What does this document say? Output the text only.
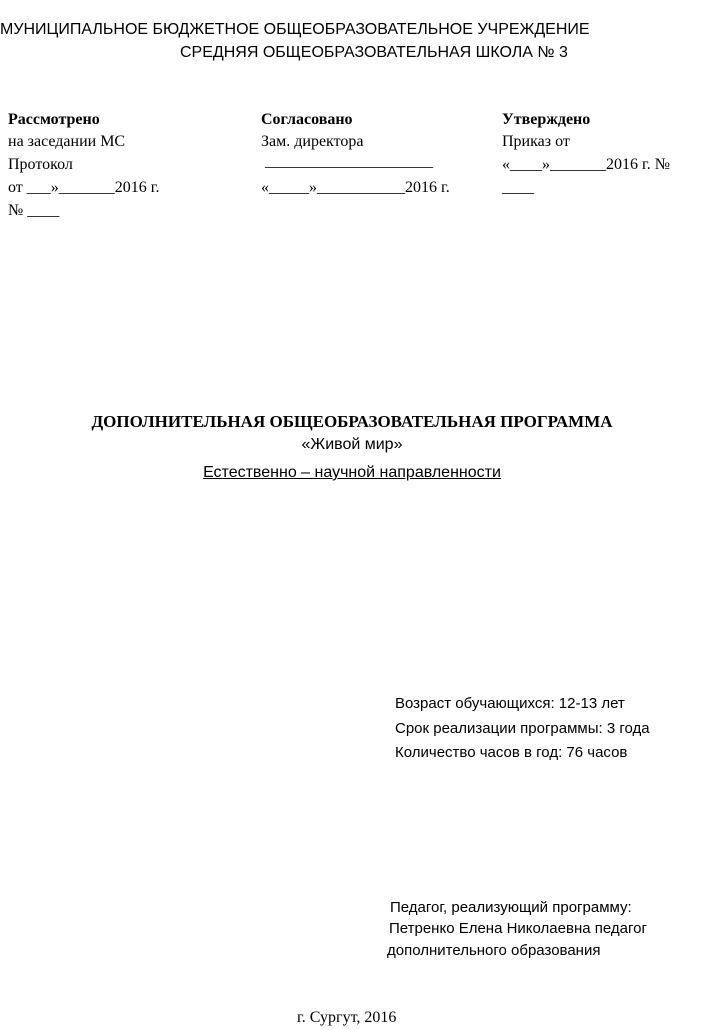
МУНИЦИПАЛЬНОЕ БЮДЖЕТНОЕ ОБЩЕОБРАЗОВАТЕЛЬНОЕ УЧРЕЖДЕНИЕ
СРЕДНЯЯ ОБЩЕОБРАЗОВАТЕЛЬНАЯ ШКОЛА № 3
Рассмотрено
на заседании МС
Протокол
от ___»_______2016 г.
№ ____
Согласовано
Зам. директора
_____________________
«_____»___________2016 г.
Утверждено
Приказ от
«____»_______2016 г. №
____
ДОПОЛНИТЕЛЬНАЯ ОБЩЕОБРАЗОВАТЕЛЬНАЯ ПРОГРАММА
«Живой мир»
Естественно – научной направленности
Возраст обучающихся: 12-13 лет
Срок реализации программы: 3 года
Количество часов в год: 76 часов
Педагог, реализующий программу:
Петренко Елена Николаевна педагог
дополнительного образования
г. Сургут, 2016
